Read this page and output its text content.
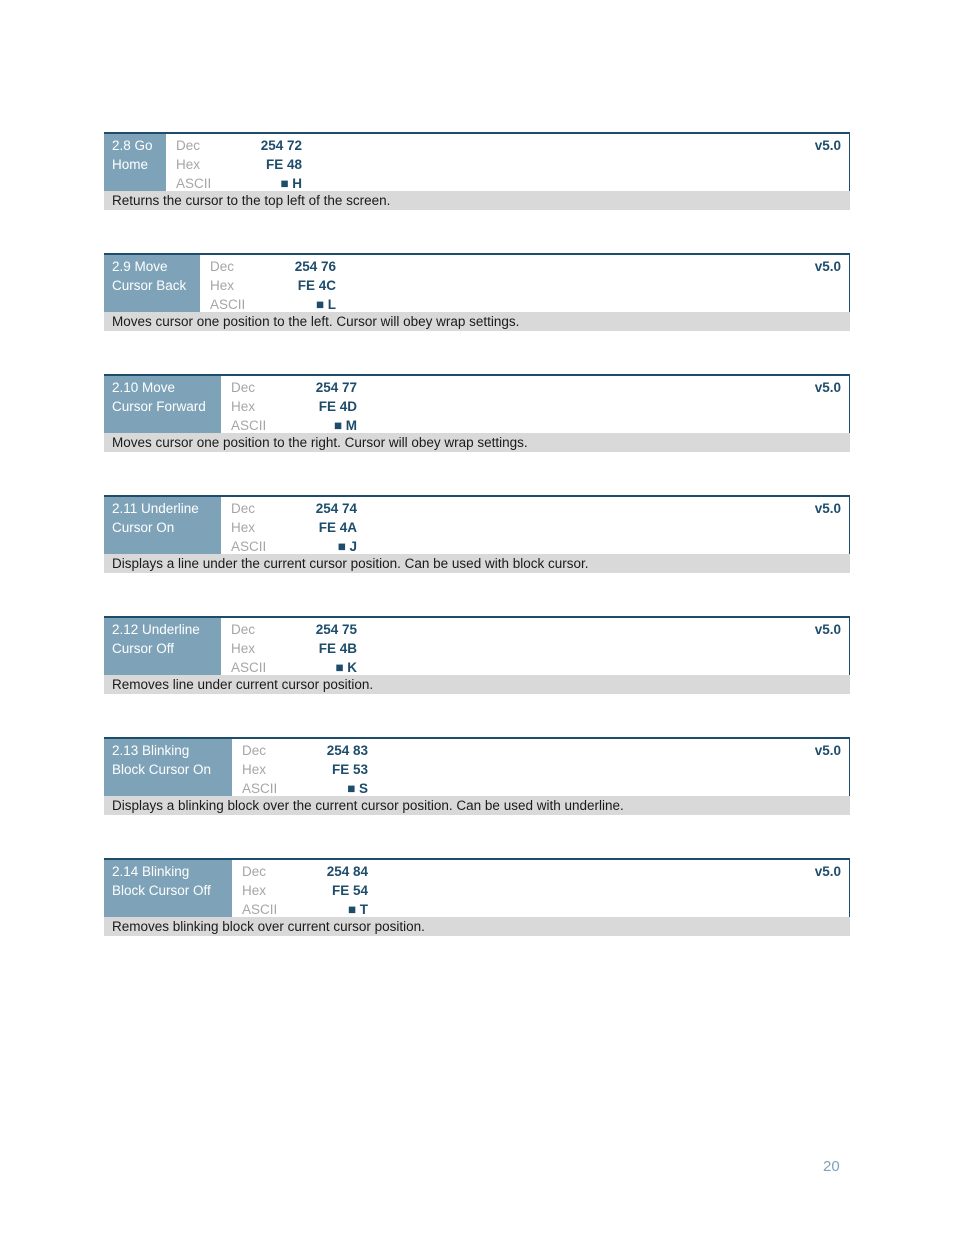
2.8 Go
Home
Dec	254 72
Hex	FE 48
ASCII	■ H
v5.0
Returns the cursor to the top left of the screen.
2.9 Move
Cursor Back
Dec	254 76
Hex	FE 4C
ASCII	■ L
v5.0
Moves cursor one position to the left. Cursor will obey wrap settings.
2.10 Move
Cursor Forward
Dec	254 77
Hex	FE 4D
ASCII	■ M
v5.0
Moves cursor one position to the right. Cursor will obey wrap settings.
2.11 Underline
Cursor On
Dec	254 74
Hex	FE 4A
ASCII	■ J
v5.0
Displays a line under the current cursor position. Can be used with block cursor.
2.12 Underline
Cursor Off
Dec	254 75
Hex	FE 4B
ASCII	■ K
v5.0
Removes line under current cursor position.
2.13 Blinking
Block Cursor On
Dec	254 83
Hex	FE 53
ASCII	■ S
v5.0
Displays a blinking block over the current cursor position. Can be used with underline.
2.14 Blinking
Block Cursor Off
Dec	254 84
Hex	FE 54
ASCII	■ T
v5.0
Removes blinking block over current cursor position.
20
